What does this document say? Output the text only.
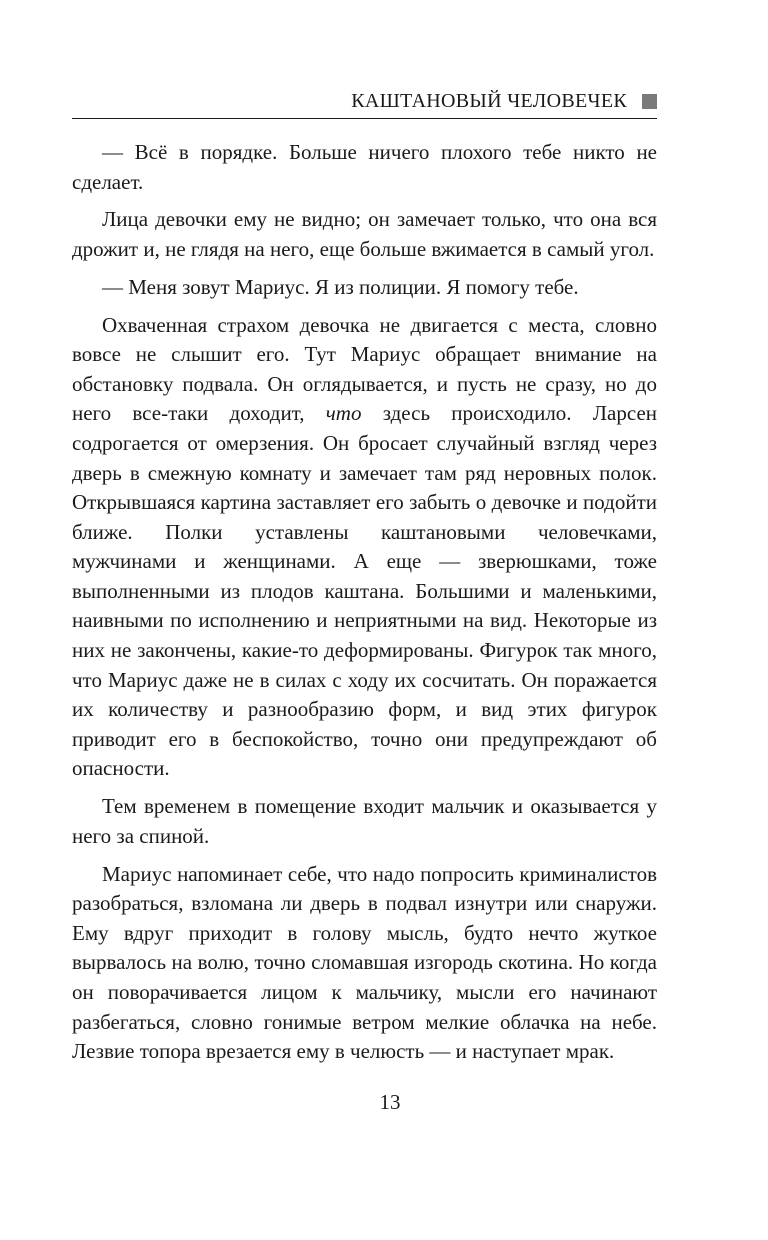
КАШТАНОВЫЙ ЧЕЛОВЕЧЕК

— Всё в порядке. Больше ничего плохого тебе никто не сделает.

Лица девочки ему не видно; он замечает только, что она вся дрожит и, не глядя на него, еще больше вжимается в самый угол.

— Меня зовут Мариус. Я из полиции. Я помогу тебе.

Охваченная страхом девочка не двигается с места, словно вовсе не слышит его. Тут Мариус обращает внимание на обстановку подвала. Он оглядывается, и пусть не сразу, но до него все-таки доходит, что здесь происходило. Ларсен содрогается от омерзения. Он бросает случайный взгляд через дверь в смежную комнату и замечает там ряд неровных полок. Открывшаяся картина заставляет его забыть о девочке и подойти ближе. Полки уставлены каштановыми человечками, мужчинами и женщинами. А еще — зверюшками, тоже выполненными из плодов каштана. Большими и маленькими, наивными по исполнению и неприятными на вид. Некоторые из них не закончены, какие-то деформированы. Фигурок так много, что Мариус даже не в силах с ходу их сосчитать. Он поражается их количеству и разнообразию форм, и вид этих фигурок приводит его в беспокойство, точно они предупреждают об опасности.

Тем временем в помещение входит мальчик и оказывается у него за спиной.

Мариус напоминает себе, что надо попросить криминалистов разобраться, взломана ли дверь в подвал изнутри или снаружи. Ему вдруг приходит в голову мысль, будто нечто жуткое вырвалось на волю, точно сломавшая изгородь скотина. Но когда он поворачивается лицом к мальчику, мысли его начинают разбегаться, словно гонимые ветром мелкие облачка на небе. Лезвие топора врезается ему в челюсть — и наступает мрак.

13
